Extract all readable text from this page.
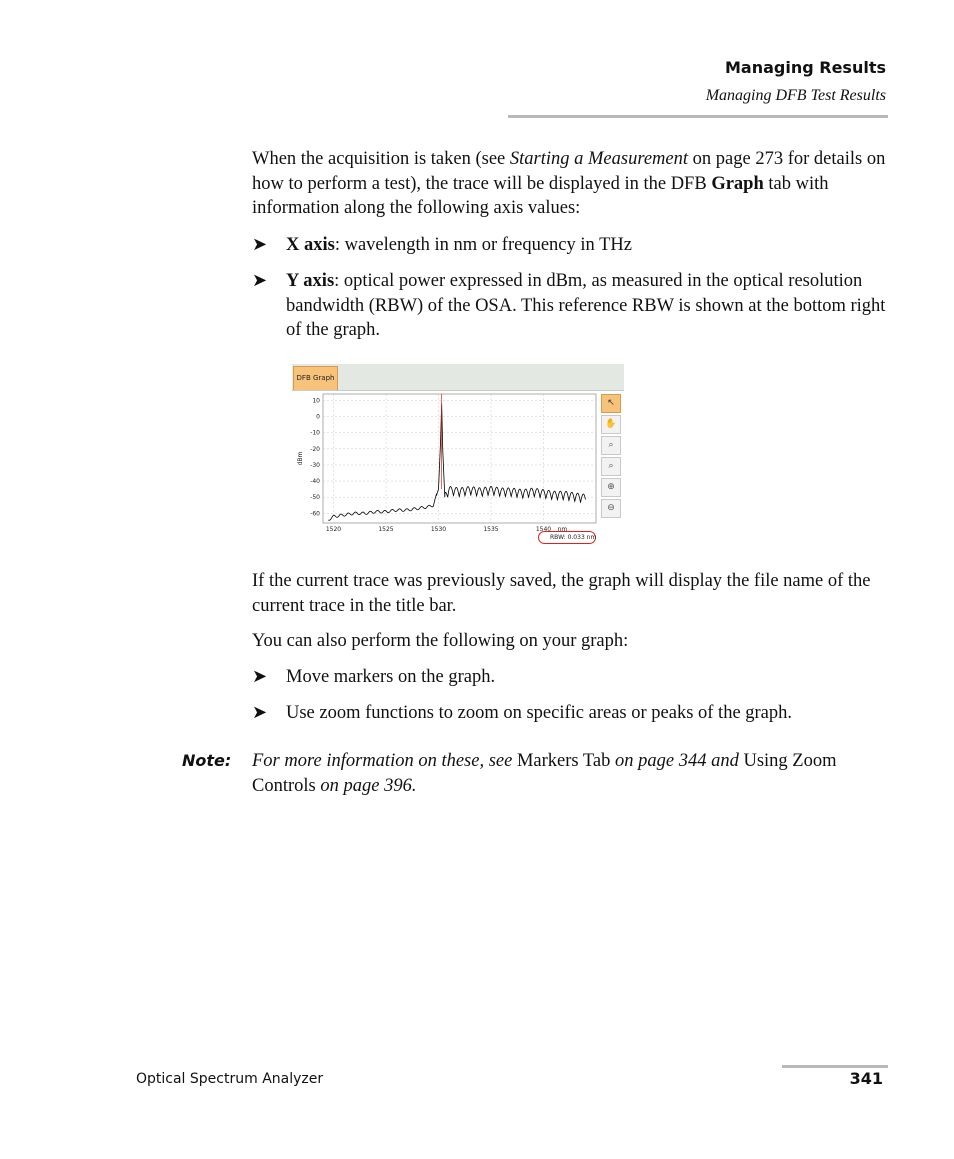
Managing Results
Managing DFB Test Results

When the acquisition is taken (see Starting a Measurement on page 273 for details on how to perform a test), the trace will be displayed in the DFB Graph tab with information along the following axis values:

➤ X axis: wavelength in nm or frequency in THz
➤ Y axis: optical power expressed in dBm, as measured in the optical resolution bandwidth (RBW) of the OSA. This reference RBW is shown at the bottom right of the graph.
DFB Graph
10
0
-10
-20
-30
-40
-50
-60
1520	1525	1530	1535	1540 nm
dBm
↖
✋
⌕
⌕
⊕
⊖
RBW: 0.033 nm

If the current trace was previously saved, the graph will display the file name of the current trace in the title bar.

You can also perform the following on your graph:

➤ Move markers on the graph.
➤ Use zoom functions to zoom on specific areas or peaks of the graph.
Note: For more information on these, see Markers Tab on page 344 and Using Zoom Controls on page 396.
Optical Spectrum Analyzer	341
